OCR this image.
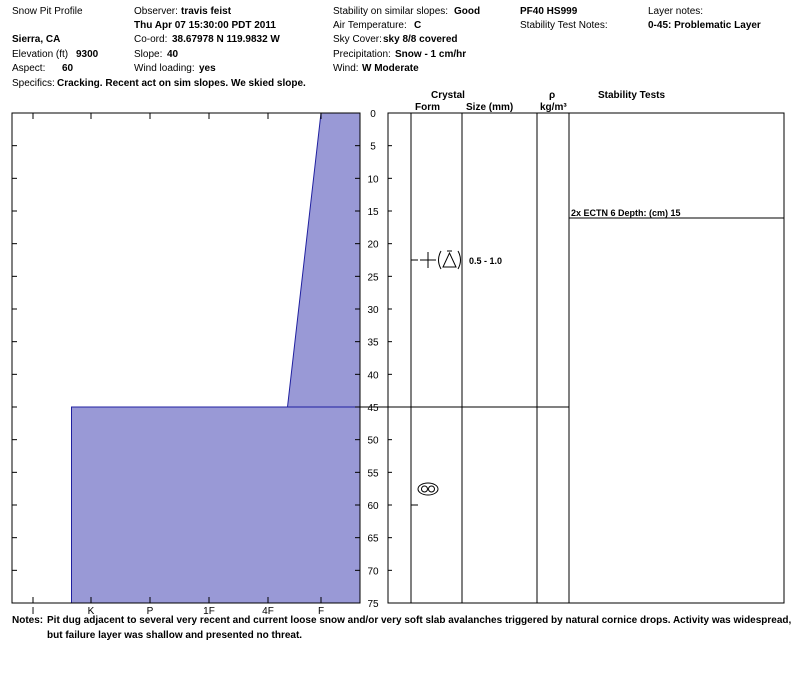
Snow Pit Profile
Sierra, CA
Elevation (ft) 9300
Aspect: 60
Specifics: Cracking. Recent act on sim slopes. We skied slope.
Observer: travis feist
Thu Apr 07 15:30:00 PDT 2011
Co-ord: 38.67978 N 119.9832 W
Slope: 40
Wind loading: yes
Stability on similar slopes: Good
Air Temperature: C
Sky Cover: sky 8/8 covered
Precipitation: Snow - 1 cm/hr
Wind: W Moderate
PF40 HS999
Stability Test Notes:
Layer notes:
0-45: Problematic Layer
Crystal
Form	Size (mm)
ρ
kg/m³
Stability Tests
0
5
10
15
20
25
30
35
40
45
50
55
60
65
70
75
I	K	P	1F	4F	F
0.5 - 1.0
2x ECTN 6 Depth: (cm) 15
Notes: Pit dug adjacent to several very recent and current loose snow and/or very soft slab avalanches triggered by natural cornice drops. Activity was widespread,
but failure layer was shallow and presented no threat.
